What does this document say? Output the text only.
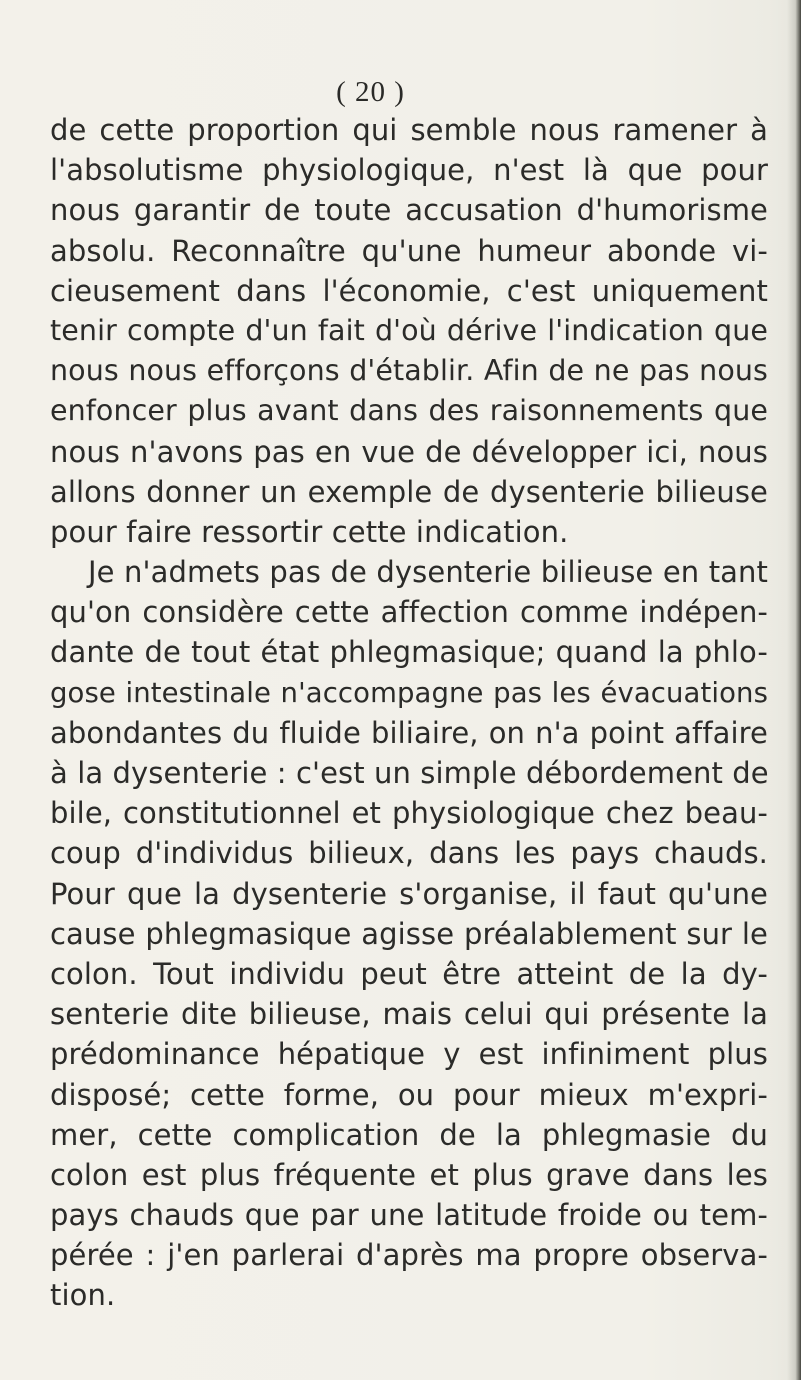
( 20 )
de cette proportion qui semble nous ramener à
l'absolutisme physiologique, n'est là que pour
nous garantir de toute accusation d'humorisme
absolu. Reconnaître qu'une humeur abonde vi-
cieusement dans l'économie, c'est uniquement
tenir compte d'un fait d'où dérive l'indication que
nous nous efforçons d'établir. Afin de ne pas nous
enfoncer plus avant dans des raisonnements que
nous n'avons pas en vue de développer ici, nous
allons donner un exemple de dysenterie bilieuse
pour faire ressortir cette indication.
Je n'admets pas de dysenterie bilieuse en tant
qu'on considère cette affection comme indépen-
dante de tout état phlegmasique; quand la phlo-
gose intestinale n'accompagne pas les évacuations
abondantes du fluide biliaire, on n'a point affaire
à la dysenterie : c'est un simple débordement de
bile, constitutionnel et physiologique chez beau-
coup d'individus bilieux, dans les pays chauds.
Pour que la dysenterie s'organise, il faut qu'une
cause phlegmasique agisse préalablement sur le
colon. Tout individu peut être atteint de la dy-
senterie dite bilieuse, mais celui qui présente la
prédominance hépatique y est infiniment plus
disposé; cette forme, ou pour mieux m'expri-
mer, cette complication de la phlegmasie du
colon est plus fréquente et plus grave dans les
pays chauds que par une latitude froide ou tem-
pérée : j'en parlerai d'après ma propre observa-
tion.
